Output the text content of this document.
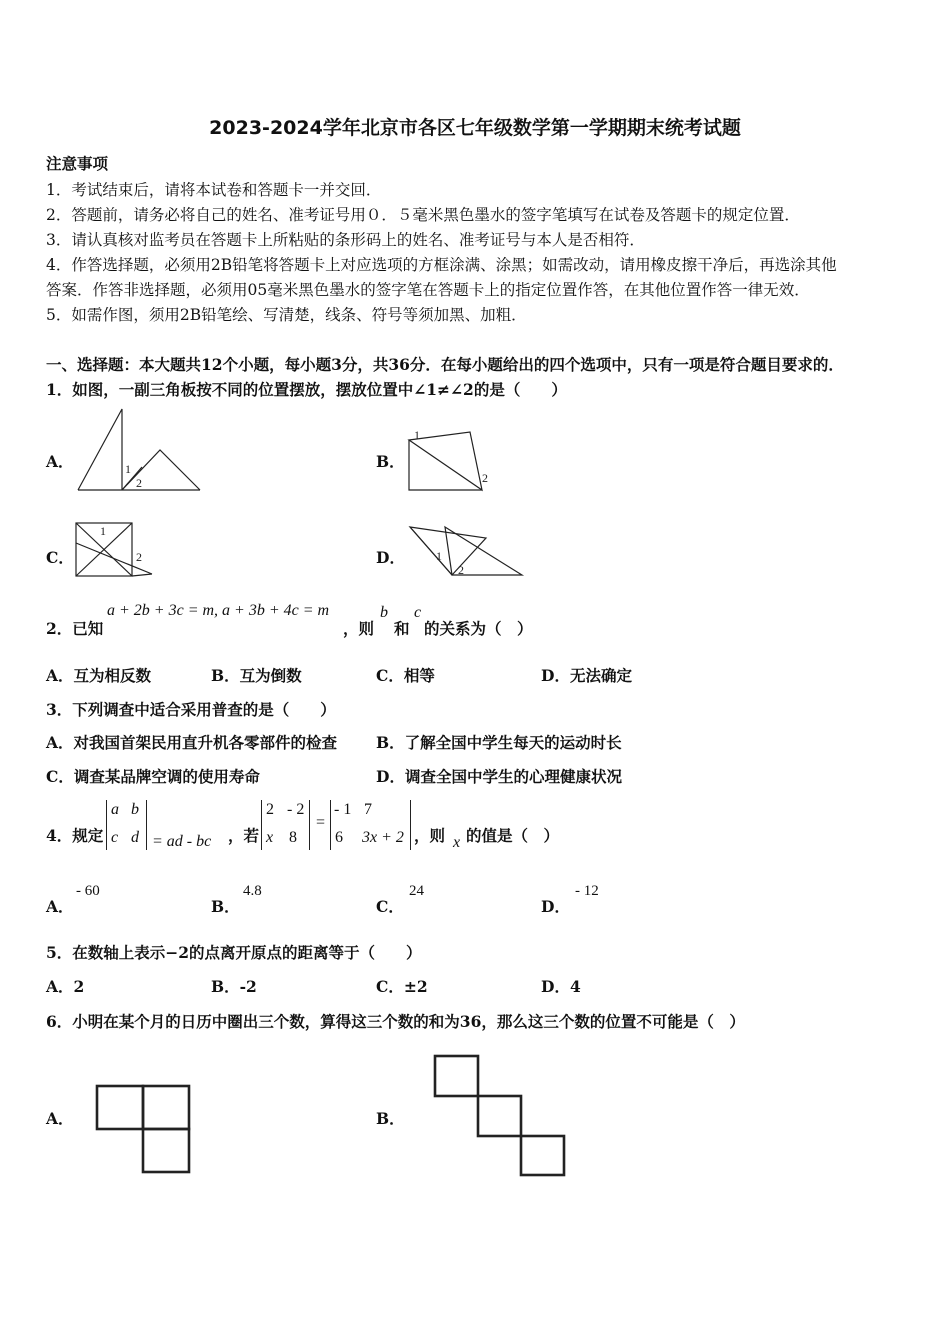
2023-2024学年北京市各区七年级数学第一学期期末统考试题
注意事项
1．考试结束后，请将本试卷和答题卡一并交回．
2．答题前，请务必将自己的姓名、准考证号用０．５毫米黑色墨水的签字笔填写在试卷及答题卡的规定位置．
3．请认真核对监考员在答题卡上所粘贴的条形码上的姓名、准考证号与本人是否相符．
4．作答选择题，必须用2B铅笔将答题卡上对应选项的方框涂满、涂黑；如需改动，请用橡皮擦干净后，再选涂其他
答案．作答非选择题，必须用05毫米黑色墨水的签字笔在答题卡上的指定位置作答，在其他位置作答一律无效．
5．如需作图，须用2B铅笔绘、写清楚，线条、符号等须加黑、加粗．
一、选择题：本大题共12个小题，每小题3分，共36分．在每小题给出的四个选项中，只有一项是符合题目要求的．
1．如图，一副三角板按不同的位置摆放，摆放位置中∠1≠∠2的是（　　）
A．	1
2
B．
1
2
C．
1
2	D．	1
2
2．已知
a + 2b + 3c = m, a + 3b + 4c = m
，则
b
和
c
的关系为（　）
A．互为相反数	B．互为倒数	C．相等	D．无法确定
3．下列调查中适合采用普查的是（　　）
A．对我国首架民用直升机各零部件的检查	B．了解全国中学生每天的运动时长
C．调查某品牌空调的使用寿命	D．调查全国中学生的心理健康状况
4．规定
a b
c d = ad - bc ，若
2 - 2
x 8
=
- 1 7
6 3x + 2 ，则 x 的值是（　）
A．
- 60
B．
4.8
C．
24
D．
- 12
5．在数轴上表示−2的点离开原点的距离等于（　　）
A．2	B．-2	C．±2	D．4
6．小明在某个月的日历中圈出三个数，算得这三个数的和为36，那么这三个数的位置不可能是（　）
A．	B．
